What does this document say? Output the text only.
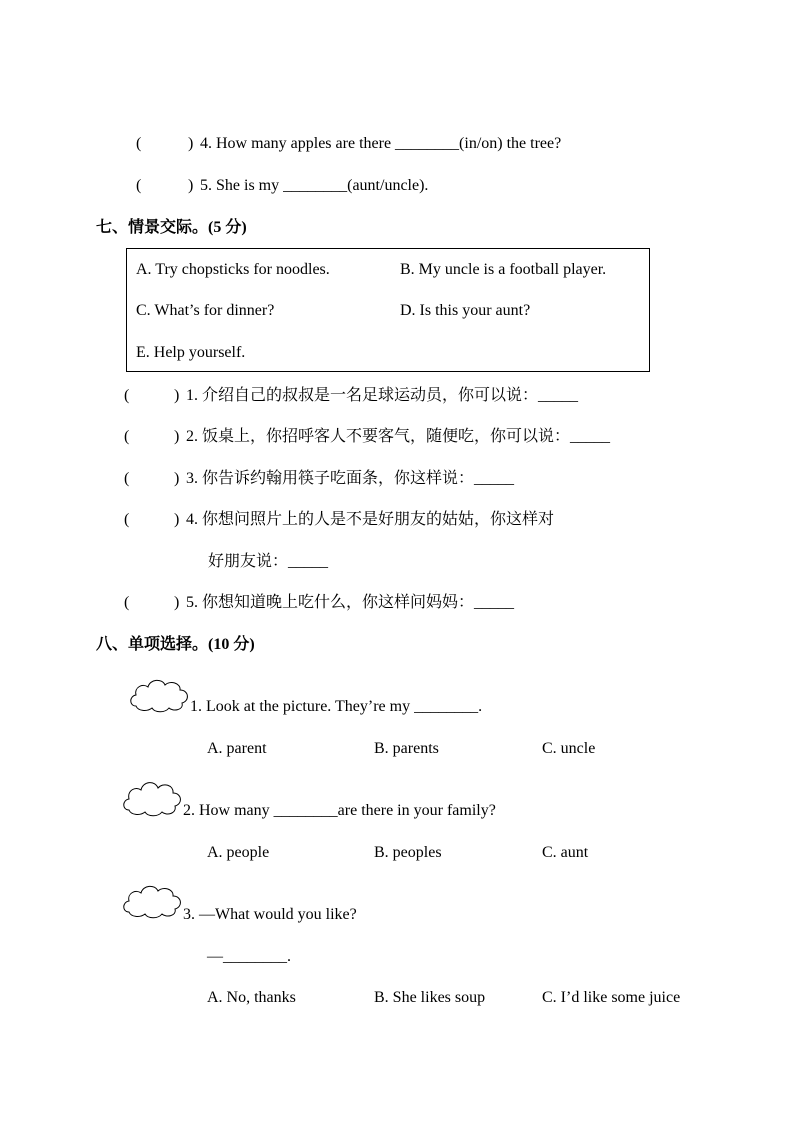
(	) 4. How many apples are there ________(in/on) the tree?
(	) 5. She is my ________(aunt/uncle).
七、情景交际。(5 分)
A. Try chopsticks for noodles.	B. My uncle is a football player.
C. What’s for dinner?	D. Is this your aunt?
E. Help yourself.
(	) 1. 介绍自己的叔叔是一名足球运动员，你可以说：_____
(	) 2. 饭桌上，你招呼客人不要客气，随便吃，你可以说：_____
(	) 3. 你告诉约翰用筷子吃面条，你这样说：_____
(	) 4. 你想问照片上的人是不是好朋友的姑姑，你这样对
好朋友说：_____
(	) 5. 你想知道晚上吃什么，你这样问妈妈：_____
八、单项选择。(10 分)
1. Look at the picture. They’re my ________.
A. parent	B. parents	C. uncle
2. How many ________are there in your family?
A. people	B. peoples	C. aunt
3. —What would you like?
—________.
A. No, thanks	B. She likes soup	C. I’d like some juice
